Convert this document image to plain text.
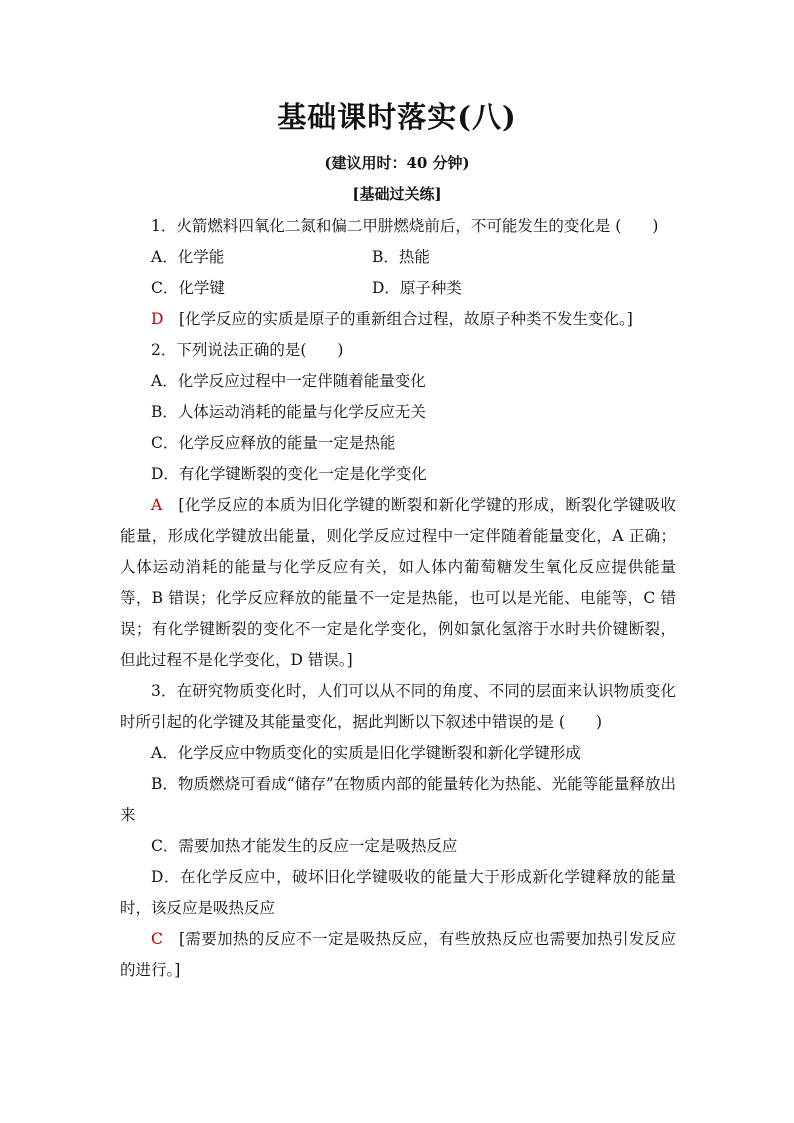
基础课时落实(八)
(建议用时：40 分钟)
[基础过关练]
1．火箭燃料四氧化二氮和偏二甲肼燃烧前后，不可能发生的变化是 (　　)
A．化学能	B．热能
C．化学键	D．原子种类
D　 [化学反应的实质是原子的重新组合过程，故原子种类不发生变化。]
2．下列说法正确的是(　　)
A．化学反应过程中一定伴随着能量变化
B．人体运动消耗的能量与化学反应无关
C．化学反应释放的能量一定是热能
D．有化学键断裂的变化一定是化学变化
A　 [化学反应的本质为旧化学键的断裂和新化学键的形成，断裂化学键吸收能量，形成化学键放出能量，则化学反应过程中一定伴随着能量变化，A 正确；人体运动消耗的能量与化学反应有关，如人体内葡萄糖发生氧化反应提供能量等，B 错误；化学反应释放的能量不一定是热能，也可以是光能、电能等，C 错误；有化学键断裂的变化不一定是化学变化，例如氯化氢溶于水时共价键断裂，但此过程不是化学变化，D 错误。]
3．在研究物质变化时，人们可以从不同的角度、不同的层面来认识物质变化时所引起的化学键及其能量变化，据此判断以下叙述中错误的是 (　　)
A．化学反应中物质变化的实质是旧化学键断裂和新化学键形成
B．物质燃烧可看成“储存”在物质内部的能量转化为热能、光能等能量释放出来
C．需要加热才能发生的反应一定是吸热反应
D．在化学反应中，破坏旧化学键吸收的能量大于形成新化学键释放的能量时，该反应是吸热反应
C　 [需要加热的反应不一定是吸热反应，有些放热反应也需要加热引发反应的进行。]
